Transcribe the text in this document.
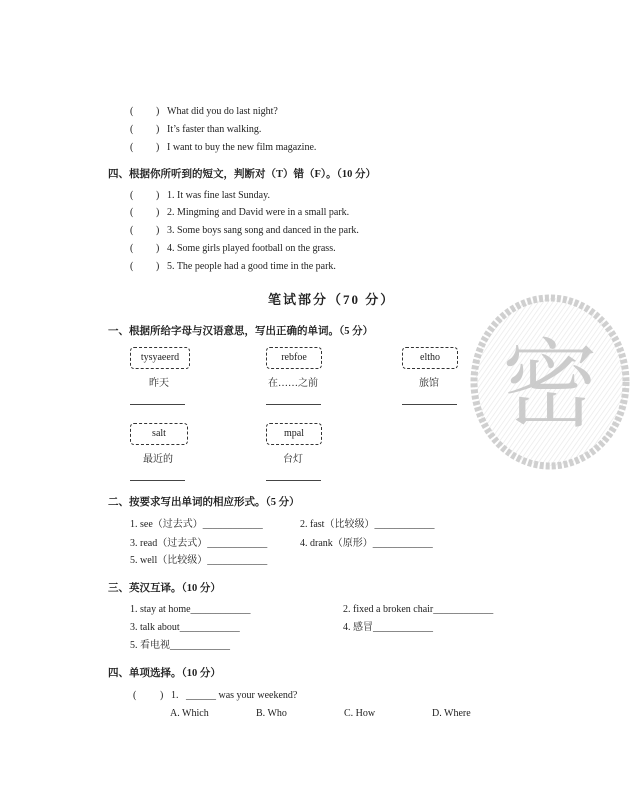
( ) What did you do last night?
( ) It’s faster than walking.
( ) I want to buy the new film magazine.
四、根据你所听到的短文，判断对（T）错（F）。（10 分）
( ) 1. It was fine last Sunday.
( ) 2. Mingming and David were in a small park.
( ) 3. Some boys sang song and danced in the park.
( ) 4. Some girls played football on the grass.
( ) 5. The people had a good time in the park.
笔试部分（70 分）
密
一、根据所给字母与汉语意思，写出正确的单词。（5 分）
tysyaeerd	rebfoe	eltho
昨天	在……之前	旅馆
salt	mpal
最近的	台灯
二、按要求写出单词的相应形式。（5 分）
1. see（过去式）____________	2. fast（比较级）____________
3. read（过去式）____________	4. drank（原形）____________
5. well（比较级）____________
三、英汉互译。（10 分）
1. stay at home____________	2. fixed a broken chair____________
3. talk about____________	4. 感冒____________
5. 看电视____________
四、单项选择。（10 分）
( ) 1. ______ was your weekend?
A. Which	B. Who	C. How	D. Where
